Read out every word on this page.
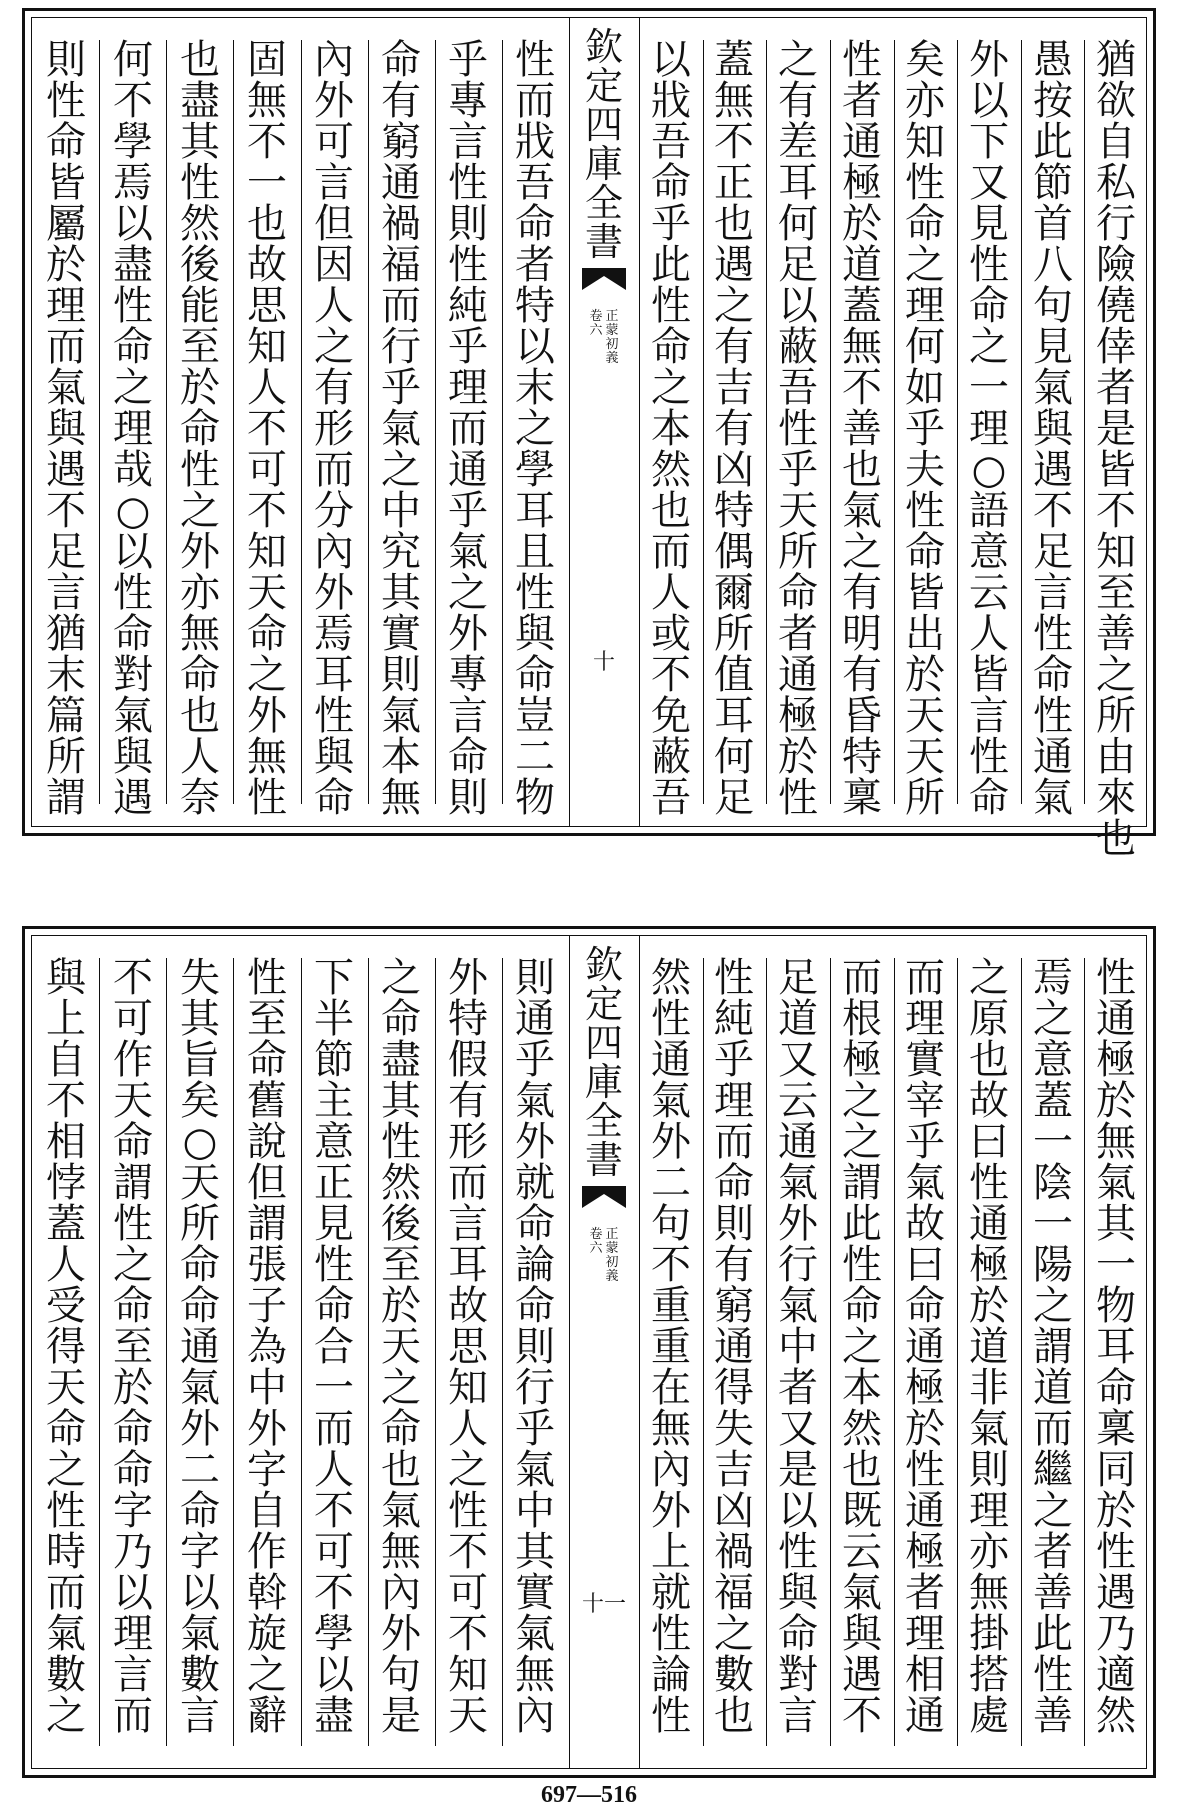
猶
欲
自
私
行
險
僥
倖
者
是
皆
不
知
至
善
之
所
由
來
也
愚
按
此
節
首
八
句
見
氣
與
遇
不
足
言
性
命
性
通
氣
外
以
下
又
見
性
命
之
一
理
○
語
意
云
人
皆
言
性
命
矣
亦
知
性
命
之
理
何
如
乎
夫
性
命
皆
出
於
天
天
所
性
者
通
極
於
道
蓋
無
不
善
也
氣
之
有
明
有
昏
特
稟
之
有
差
耳
何
足
以
蔽
吾
性
乎
天
所
命
者
通
極
於
性
蓋
無
不
正
也
遇
之
有
吉
有
凶
特
偶
爾
所
值
耳
何
足
以
戕
吾
命
乎
此
性
命
之
本
然
也
而
人
或
不
免
蔽
吾
性
而
戕
吾
命
者
特
以
末
之
學
耳
且
性
與
命
豈
二
物
乎
專
言
性
則
性
純
乎
理
而
通
乎
氣
之
外
專
言
命
則
命
有
窮
通
禍
福
而
行
乎
氣
之
中
究
其
實
則
氣
本
無
內
外
可
言
但
因
人
之
有
形
而
分
內
外
焉
耳
性
與
命
固
無
不
一
也
故
思
知
人
不
可
不
知
天
命
之
外
無
性
也
盡
其
性
然
後
能
至
於
命
性
之
外
亦
無
命
也
人
奈
何
不
學
焉
以
盡
性
命
之
理
哉
○
以
性
命
對
氣
與
遇
則
性
命
皆
屬
於
理
而
氣
與
遇
不
足
言
猶
末
篇
所
謂
欽
定
四
庫
全
書
卷
六
正
蒙
初
義
十
性
通
極
於
無
氣
其
一
物
耳
命
稟
同
於
性
遇
乃
適
然
焉
之
意
蓋
一
陰
一
陽
之
謂
道
而
繼
之
者
善
此
性
善
之
原
也
故
曰
性
通
極
於
道
非
氣
則
理
亦
無
掛
搭
處
而
理
實
宰
乎
氣
故
曰
命
通
極
於
性
通
極
者
理
相
通
而
根
極
之
之
謂
此
性
命
之
本
然
也
既
云
氣
與
遇
不
足
道
又
云
通
氣
外
行
氣
中
者
又
是
以
性
與
命
對
言
性
純
乎
理
而
命
則
有
窮
通
得
失
吉
凶
禍
福
之
數
也
然
性
通
氣
外
二
句
不
重
重
在
無
內
外
上
就
性
論
性
則
通
乎
氣
外
就
命
論
命
則
行
乎
氣
中
其
實
氣
無
內
外
特
假
有
形
而
言
耳
故
思
知
人
之
性
不
可
不
知
天
之
命
盡
其
性
然
後
至
於
天
之
命
也
氣
無
內
外
句
是
下
半
節
主
意
正
見
性
命
合
一
而
人
不
可
不
學
以
盡
性
至
命
舊
說
但
謂
張
子
為
中
外
字
自
作
斡
旋
之
辭
失
其
旨
矣
○
天
所
命
命
通
氣
外
二
命
字
以
氣
數
言
不
可
作
天
命
謂
性
之
命
至
於
命
命
字
乃
以
理
言
而
與
上
自
不
相
悖
蓋
人
受
得
天
命
之
性
時
而
氣
數
之
欽
定
四
庫
全
書
卷
六
正
蒙
初
義
十一
697—516
